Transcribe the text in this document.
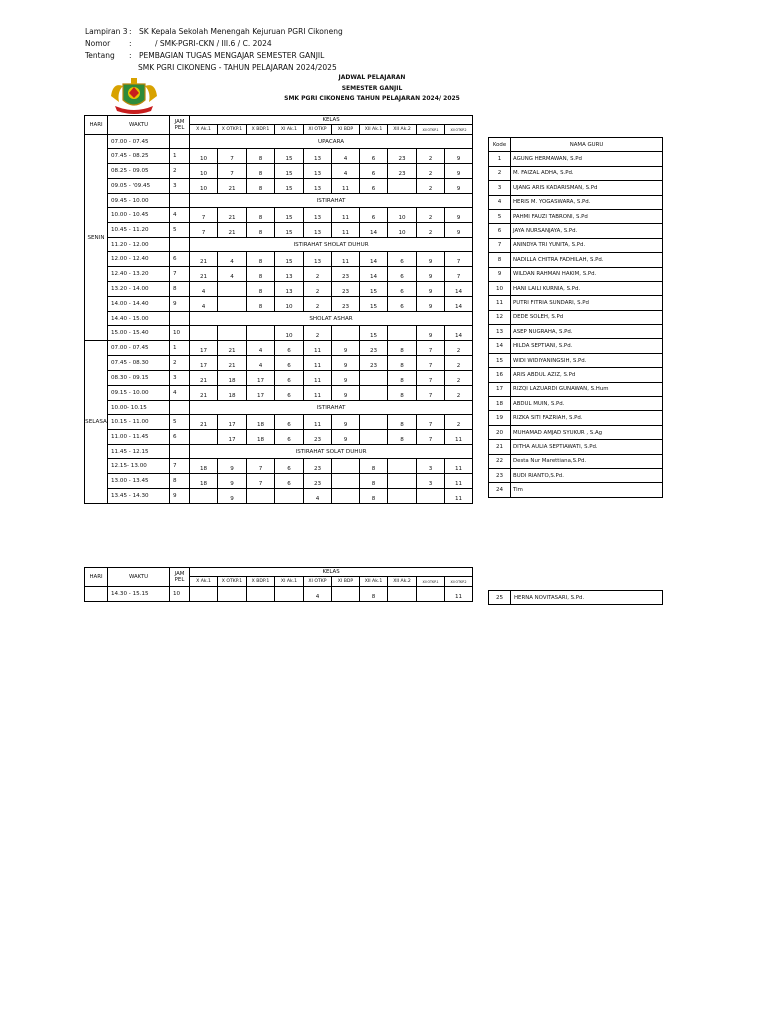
Lampiran 3: SK Kepala Sekolah Menengah Kejuruan PGRI Cikoneng
Nomor	:	/ SMK-PGRI-CKN / III.6 / C. 2024
Tentang : PEMBAGIAN TUGAS MENGAJAR SEMESTER GANJIL
SMK PGRI CIKONENG - TAHUN PELAJARAN 2024/2025
JADWAL PELAJARAN
SEMESTER GANJIL
SMK PGRI CIKONENG TAHUN PELAJARAN 2024/ 2025
HARI	WAKTU	JAM PEL	KELAS									
			X Ak.1	X OTKP.1	X BDP.1	XI Ak.1	XI OTKP	XI BDP	XII Ak.1	XII Ak.2	XII OTKP.1	XII OTKP.2
SENIN	07.00 - 07.45		UPACARA									
	07.45 - 08.25	1	10	7	8	15	13	4	6	23	2	9
	08.25 - 09.05	2	10	7	8	15	13	4	6	23	2	9
	09.05 - '09.45	3	10	21	8	15	13	11	6		2	9
	09.45 - 10.00		ISTIRAHAT									
	10.00 - 10.45	4	7	21	8	15	13	11	6	10	2	9
	10.45 - 11.20	5	7	21	8	15	13	11	14	10	2	9
	11.20 - 12.00		ISTIRAHAT SHOLAT DUHUR									
	12.00 - 12.40	6	21	4	8	15	13	11	14	6	9	7
	12.40 - 13.20	7	21	4	8	13	2	23	14	6	9	7
	13.20 - 14.00	8	4		8	13	2	23	15	6	9	14
	14.00 - 14.40	9	4		8	10	2	23	15	6	9	14
	14.40 - 15.00		SHOLAT ASHAR									
	15.00 - 15.40	10				10	2		15		9	14
SELASA	07.00 - 07.45	1	17	21	4	6	11	9	23	8	7	2
	07.45 - 08.30	2	17	21	4	6	11	9	23	8	7	2
	08.30 - 09.15	3	21	18	17	6	11	9		8	7	2
	09.15 - 10.00	4	21	18	17	6	11	9		8	7	2
	10.00- 10.15		ISTIRAHAT									
	10.15 - 11.00	5	21	17	18	6	11	9		8	7	2
	11.00 - 11.45	6		17	18	6	23	9		8	7	11
	11.45 - 12.15		ISTIRAHAT SOLAT DUHUR									
	12.15- 13.00	7	18	9	7	6	23		8		3	11
	13.00 - 13.45	8	18	9	7	6	23		8		3	11
	13.45 - 14.30	9		9			4		8			11
HARI	WAKTU	JAM PEL	KELAS									
			X Ak.1	X OTKP.1	X BDP.1	XI Ak.1	XI OTKP	XI BDP	XII Ak.1	XII Ak.2	XII OTKP.1	XII OTKP.2
	14.30 - 15.15	10					4		8			11
Kode	NAMA GURU
1	AGUNG HERMAWAN, S.Pd
2	M. FAIZAL ADHA, S.Pd.
3	UJANG ARIS KADARISMAN, S.Pd
4	HERIS M. YOGASWARA, S.Pd.
5	PAHMI FAUZI TABRONI, S.Pd
6	JAYA NURSANJAYA, S.Pd.
7	ANINDYA TRI YUNITA, S.Pd.
8	NADILLA CHITRA FADHILAH, S.Pd.
9	WILDAN RAHMAN HAKIM, S.Pd.
10	HANI LAILI KURNIA, S.Pd.
11	PUTRI FITRIA SUNDARI, S.Pd
12	DEDE SOLEH, S.Pd
13	ASEP NUGRAHA, S.Pd.
14	HILDA SEPTIANI, S.Pd.
15	WIDI WIDIYANINGSIH, S.Pd.
16	ARIS ABDUL AZIZ, S.Pd
17	RIZQI LAZUARDI GUNAWAN, S.Hum
18	ABDUL MUIN, S.Pd.
19	RIZKA SITI FAZRIAH, S.Pd.
20	MUHAMAD AMJAD SYUKUR , S.Ag
21	DITHA AULIA SEPTIAWATI, S.Pd.
22	Desta Nur Marettiana,S.Pd.
23	BUDI RIANTO,S.Pd.
24	Tim
25	HERNA NOVITASARI, S.Pd.
